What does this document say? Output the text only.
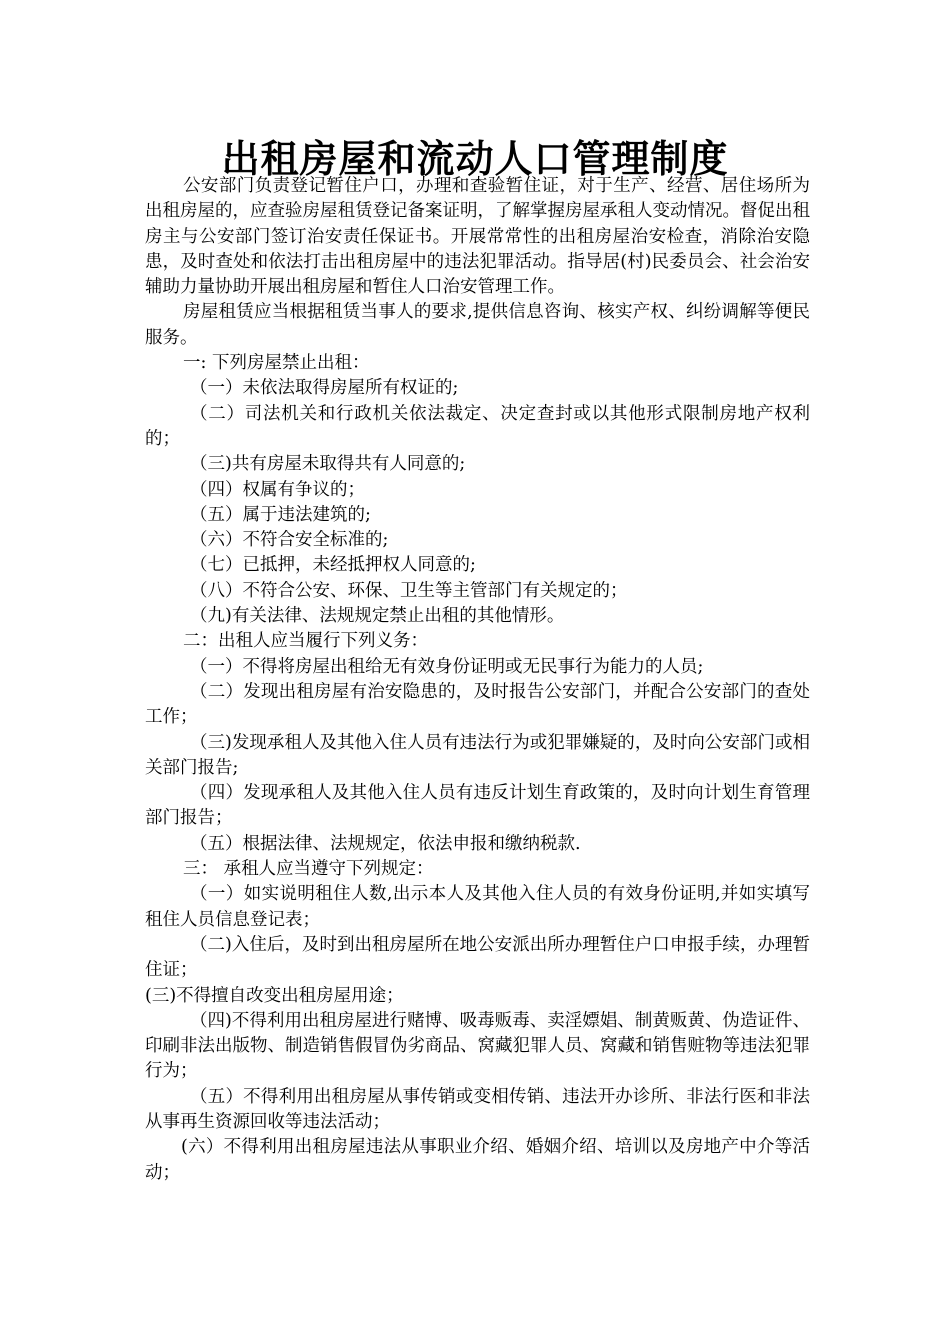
出租房屋和流动人口管理制度

公安部门负责登记暂住户口，办理和查验暂住证，对于生产、经营、居住场所为出租房屋的，应查验房屋租赁登记备案证明，了解掌握房屋承租人变动情况。督促出租房主与公安部门签订治安责任保证书。开展常常性的出租房屋治安检查，消除治安隐患，及时查处和依法打击出租房屋中的违法犯罪活动。指导居(村)民委员会、社会治安辅助力量协助开展出租房屋和暂住人口治安管理工作。

房屋租赁应当根据租赁当事人的要求,提供信息咨询、核实产权、纠纷调解等便民服务。

一: 下列房屋禁止出租：

（一）未依法取得房屋所有权证的;

（二）司法机关和行政机关依法裁定、决定查封或以其他形式限制房地产权利的；

（三)共有房屋未取得共有人同意的;

（四）权属有争议的；

（五）属于违法建筑的;

（六）不符合安全标准的;

（七）已抵押，未经抵押权人同意的;

（八）不符合公安、环保、卫生等主管部门有关规定的；

（九)有关法律、法规规定禁止出租的其他情形。

二：出租人应当履行下列义务：

（一）不得将房屋出租给无有效身份证明或无民事行为能力的人员;

（二）发现出租房屋有治安隐患的，及时报告公安部门，并配合公安部门的查处工作；

（三)发现承租人及其他入住人员有违法行为或犯罪嫌疑的，及时向公安部门或相关部门报告;

（四）发现承租人及其他入住人员有违反计划生育政策的，及时向计划生育管理部门报告；

（五）根据法律、法规规定，依法申报和缴纳税款.

三： 承租人应当遵守下列规定：

（一）如实说明租住人数,出示本人及其他入住人员的有效身份证明,并如实填写租住人员信息登记表；

（二)入住后，及时到出租房屋所在地公安派出所办理暂住户口申报手续，办理暂住证；

(三)不得擅自改变出租房屋用途；

（四)不得利用出租房屋进行赌博、吸毒贩毒、卖淫嫖娼、制黄贩黄、伪造证件、印刷非法出版物、制造销售假冒伪劣商品、窝藏犯罪人员、窝藏和销售赃物等违法犯罪行为；

（五）不得利用出租房屋从事传销或变相传销、违法开办诊所、非法行医和非法从事再生资源回收等违法活动；

(六）不得利用出租房屋违法从事职业介绍、婚姻介绍、培训以及房地产中介等活动；
